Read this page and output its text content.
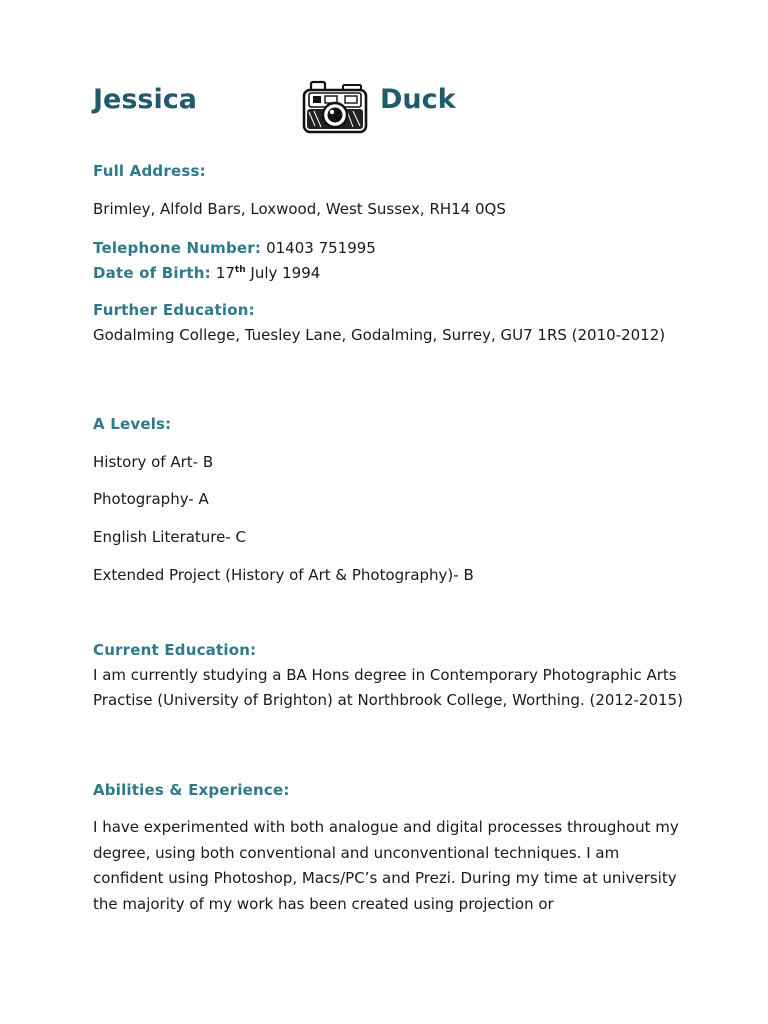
Jessica	Duck
Full Address:
Brimley, Alfold Bars, Loxwood, West Sussex, RH14 0QS
Telephone Number: 01403 751995
Date of Birth: 17th July 1994
Further Education:
Godalming College, Tuesley Lane, Godalming, Surrey, GU7 1RS (2010-2012)
A Levels:
History of Art- B
Photography- A
English Literature- C
Extended Project (History of Art & Photography)- B
Current Education:
I am currently studying a BA Hons degree in Contemporary Photographic Arts Practise (University of Brighton) at Northbrook College, Worthing. (2012-2015)
Abilities & Experience:
I have experimented with both analogue and digital processes throughout my degree, using both conventional and unconventional techniques. I am confident using Photoshop, Macs/PC’s and Prezi. During my time at university the majority of my work has been created using projection or
